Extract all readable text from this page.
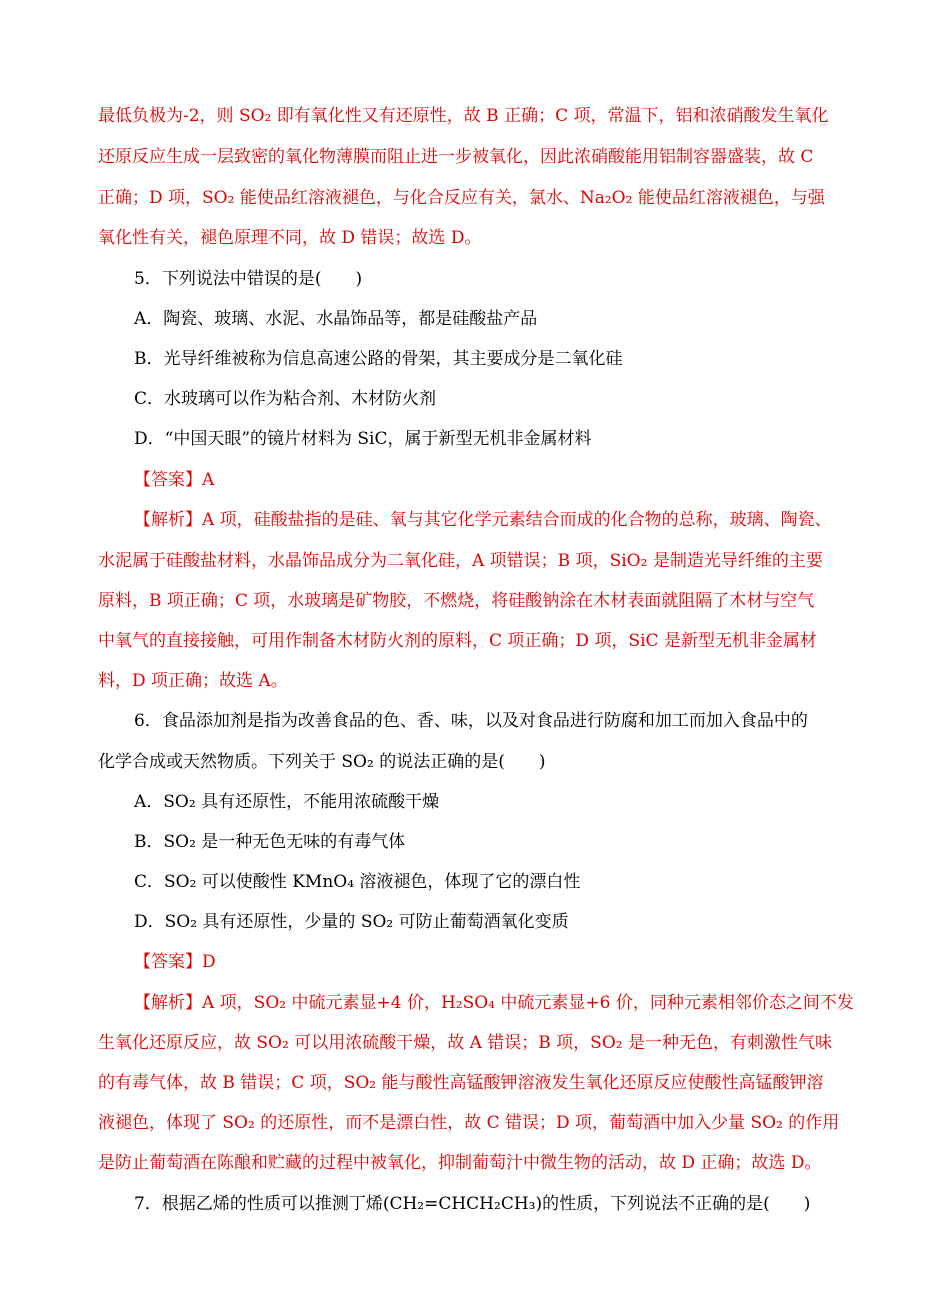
最低负极为-2，则 SO₂ 即有氧化性又有还原性，故 B 正确；C 项，常温下，铝和浓硝酸发生氧化
还原反应生成一层致密的氧化物薄膜而阻止进一步被氧化，因此浓硝酸能用铝制容器盛装，故 C
正确；D 项，SO₂ 能使品红溶液褪色，与化合反应有关，氯水、Na₂O₂ 能使品红溶液褪色，与强
氧化性有关，褪色原理不同，故 D 错误；故选 D。
5．下列说法中错误的是(　　)
A．陶瓷、玻璃、水泥、水晶饰品等，都是硅酸盐产品
B．光导纤维被称为信息高速公路的骨架，其主要成分是二氧化硅
C．水玻璃可以作为粘合剂、木材防火剂
D．“中国天眼”的镜片材料为 SiC，属于新型无机非金属材料
【答案】A
【解析】A 项，硅酸盐指的是硅、氧与其它化学元素结合而成的化合物的总称，玻璃、陶瓷、
水泥属于硅酸盐材料，水晶饰品成分为二氧化硅，A 项错误；B 项，SiO₂ 是制造光导纤维的主要
原料，B 项正确；C 项，水玻璃是矿物胶，不燃烧，将硅酸钠涂在木材表面就阻隔了木材与空气
中氧气的直接接触，可用作制备木材防火剂的原料，C 项正确；D 项，SiC 是新型无机非金属材
料，D 项正确；故选 A。
6．食品添加剂是指为改善食品的色、香、味，以及对食品进行防腐和加工而加入食品中的
化学合成或天然物质。下列关于 SO₂ 的说法正确的是(　　)
A．SO₂ 具有还原性，不能用浓硫酸干燥
B．SO₂ 是一种无色无味的有毒气体
C．SO₂ 可以使酸性 KMnO₄ 溶液褪色，体现了它的漂白性
D．SO₂ 具有还原性，少量的 SO₂ 可防止葡萄酒氧化变质
【答案】D
【解析】A 项，SO₂ 中硫元素显+4 价，H₂SO₄ 中硫元素显+6 价，同种元素相邻价态之间不发
生氧化还原反应，故 SO₂ 可以用浓硫酸干燥，故 A 错误；B 项，SO₂ 是一种无色，有刺激性气味
的有毒气体，故 B 错误；C 项，SO₂ 能与酸性高锰酸钾溶液发生氧化还原反应使酸性高锰酸钾溶
液褪色，体现了 SO₂ 的还原性，而不是漂白性，故 C 错误；D 项，葡萄酒中加入少量 SO₂ 的作用
是防止葡萄酒在陈酿和贮藏的过程中被氧化，抑制葡萄汁中微生物的活动，故 D 正确；故选 D。
7．根据乙烯的性质可以推测丁烯(CH₂=CHCH₂CH₃)的性质，下列说法不正确的是(　　)
